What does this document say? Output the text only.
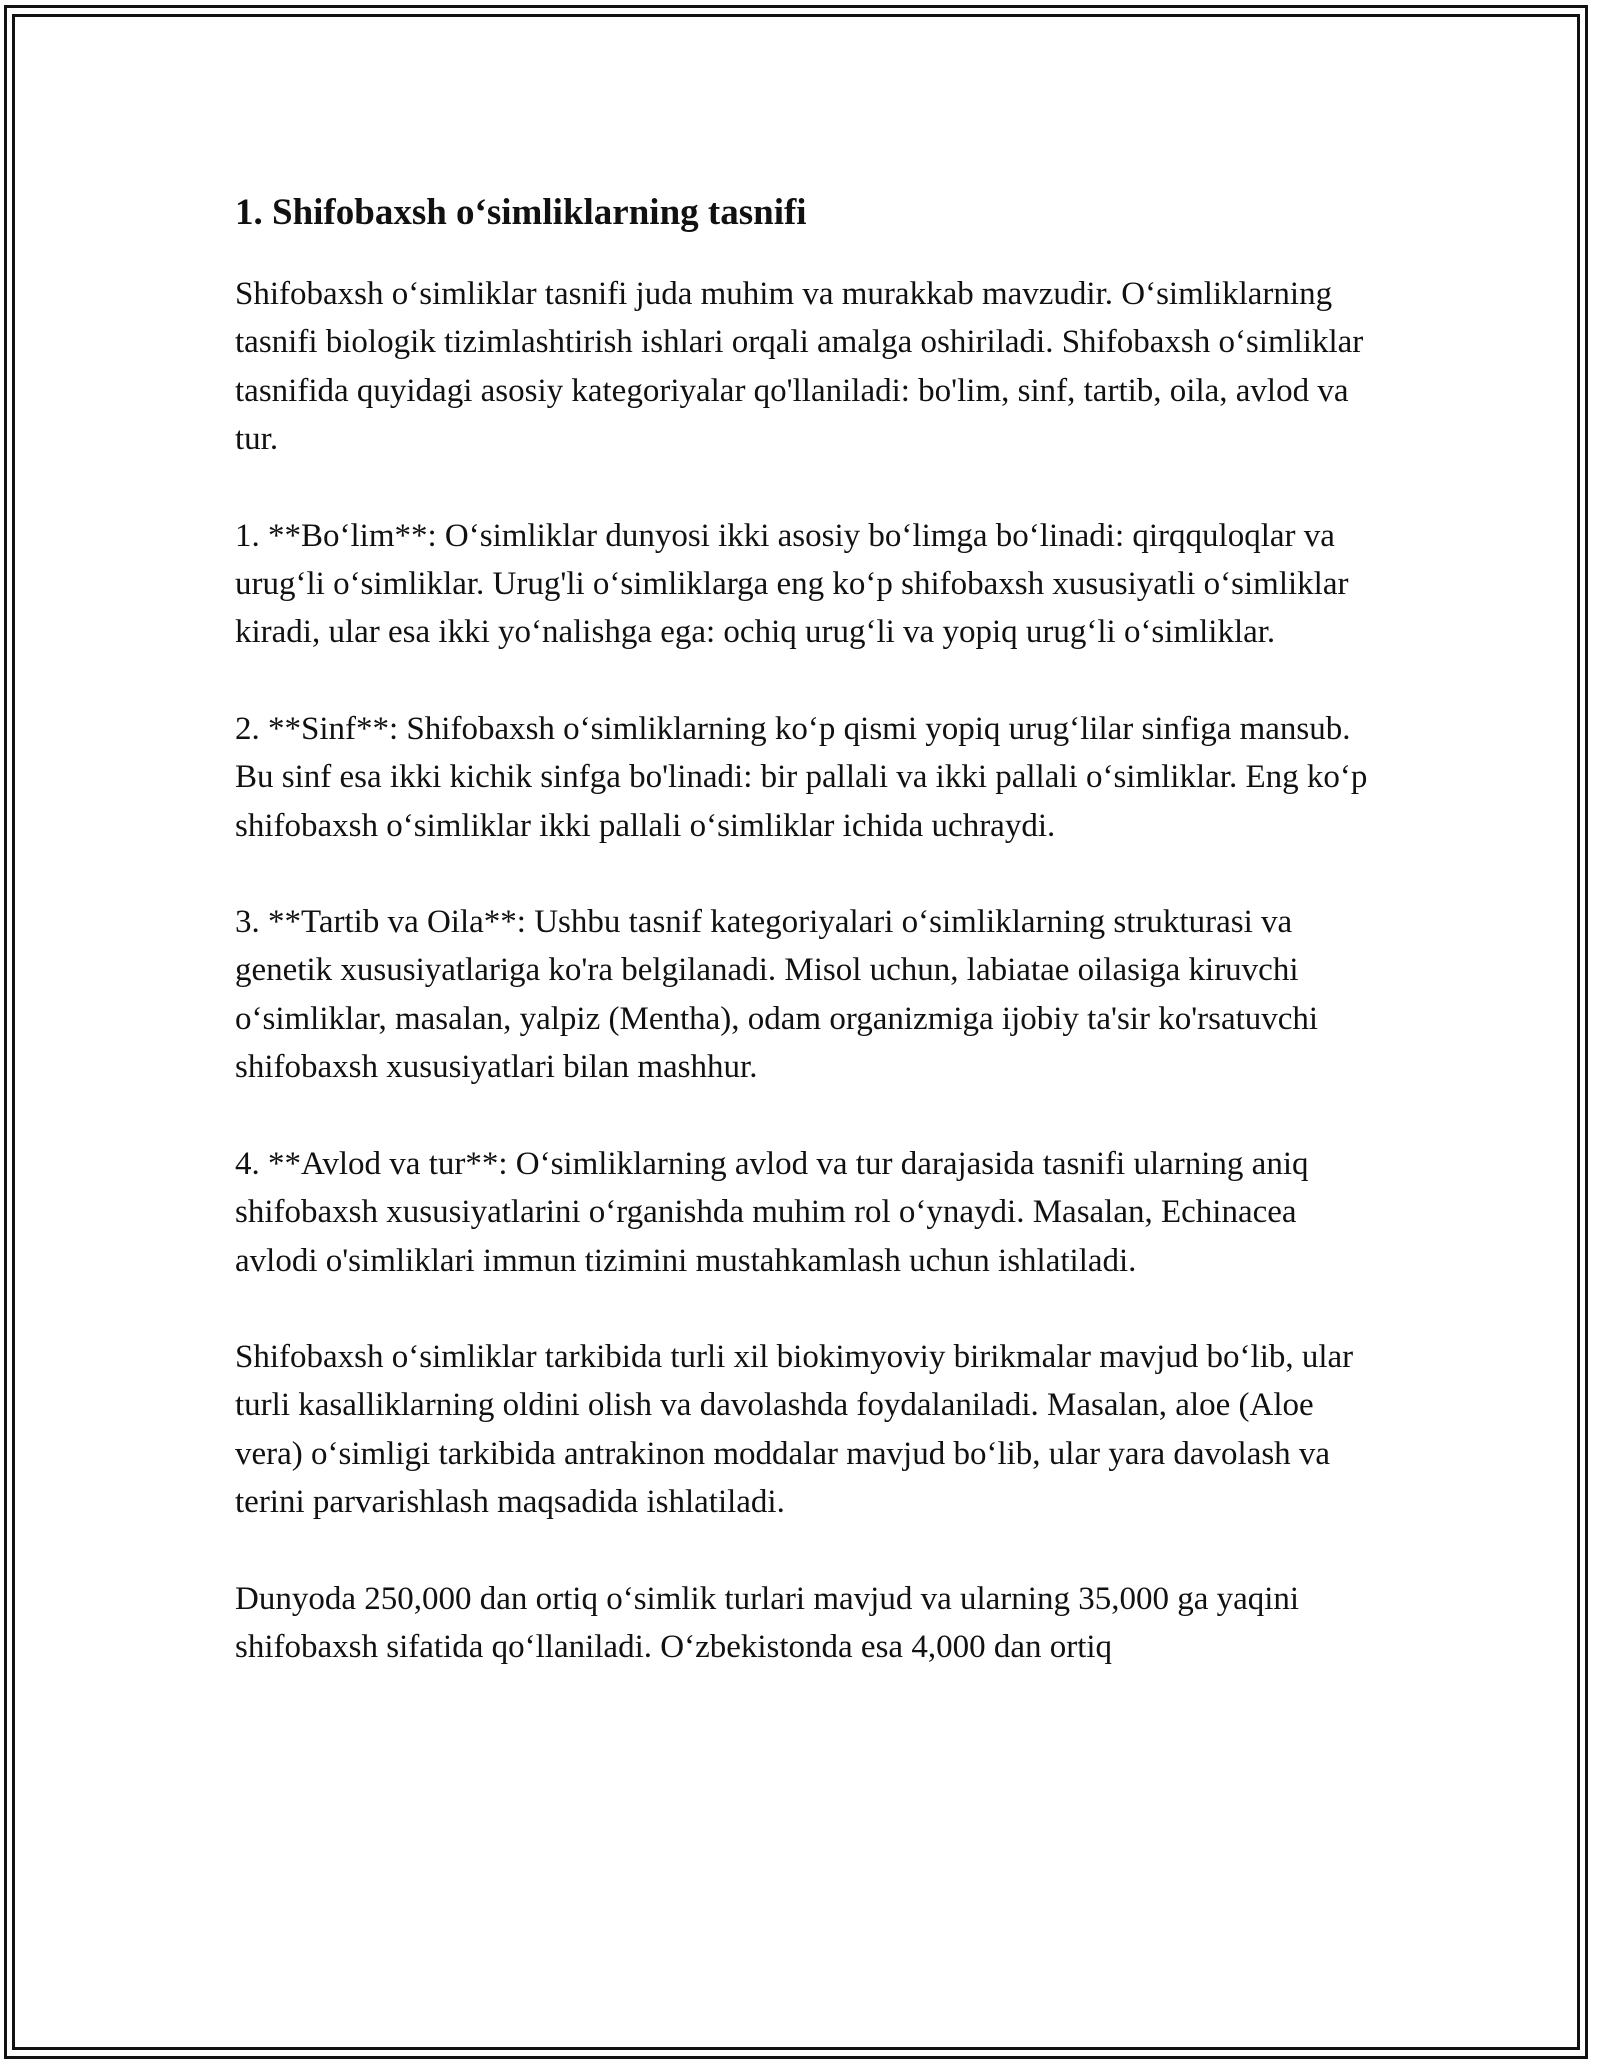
1. Shifobaxsh o‘simliklarning tasnifi

Shifobaxsh o‘simliklar tasnifi juda muhim va murakkab mavzudir. O‘simliklarning tasnifi biologik tizimlashtirish ishlari orqali amalga oshiriladi. Shifobaxsh o‘simliklar tasnifida quyidagi asosiy kategoriyalar qo'llaniladi: bo'lim, sinf, tartib, oila, avlod va tur.

1. **Bo‘lim**: O‘simliklar dunyosi ikki asosiy bo‘limga bo‘linadi: qirqquloqlar va urug‘li o‘simliklar. Urug'li o‘simliklarga eng ko‘p shifobaxsh xususiyatli o‘simliklar kiradi, ular esa ikki yo‘nalishga ega: ochiq urug‘li va yopiq urug‘li o‘simliklar.

2. **Sinf**: Shifobaxsh o‘simliklarning ko‘p qismi yopiq urug‘lilar sinfiga mansub. Bu sinf esa ikki kichik sinfga bo'linadi: bir pallali va ikki pallali o‘simliklar. Eng ko‘p shifobaxsh o‘simliklar ikki pallali o‘simliklar ichida uchraydi.

3. **Tartib va Oila**: Ushbu tasnif kategoriyalari o‘simliklarning strukturasi va genetik xususiyatlariga ko'ra belgilanadi. Misol uchun, labiatae oilasiga kiruvchi o‘simliklar, masalan, yalpiz (Mentha), odam organizmiga ijobiy ta'sir ko'rsatuvchi shifobaxsh xususiyatlari bilan mashhur.

4. **Avlod va tur**: O‘simliklarning avlod va tur darajasida tasnifi ularning aniq shifobaxsh xususiyatlarini o‘rganishda muhim rol o‘ynaydi. Masalan, Echinacea avlodi o'simliklari immun tizimini mustahkamlash uchun ishlatiladi.

Shifobaxsh o‘simliklar tarkibida turli xil biokimyoviy birikmalar mavjud bo‘lib, ular turli kasalliklarning oldini olish va davolashda foydalaniladi. Masalan, aloe (Aloe vera) o‘simligi tarkibida antrakinon moddalar mavjud bo‘lib, ular yara davolash va terini parvarishlash maqsadida ishlatiladi.

Dunyoda 250,000 dan ortiq o‘simlik turlari mavjud va ularning 35,000 ga yaqini shifobaxsh sifatida qo‘llaniladi. O‘zbekistonda esa 4,000 dan ortiq
